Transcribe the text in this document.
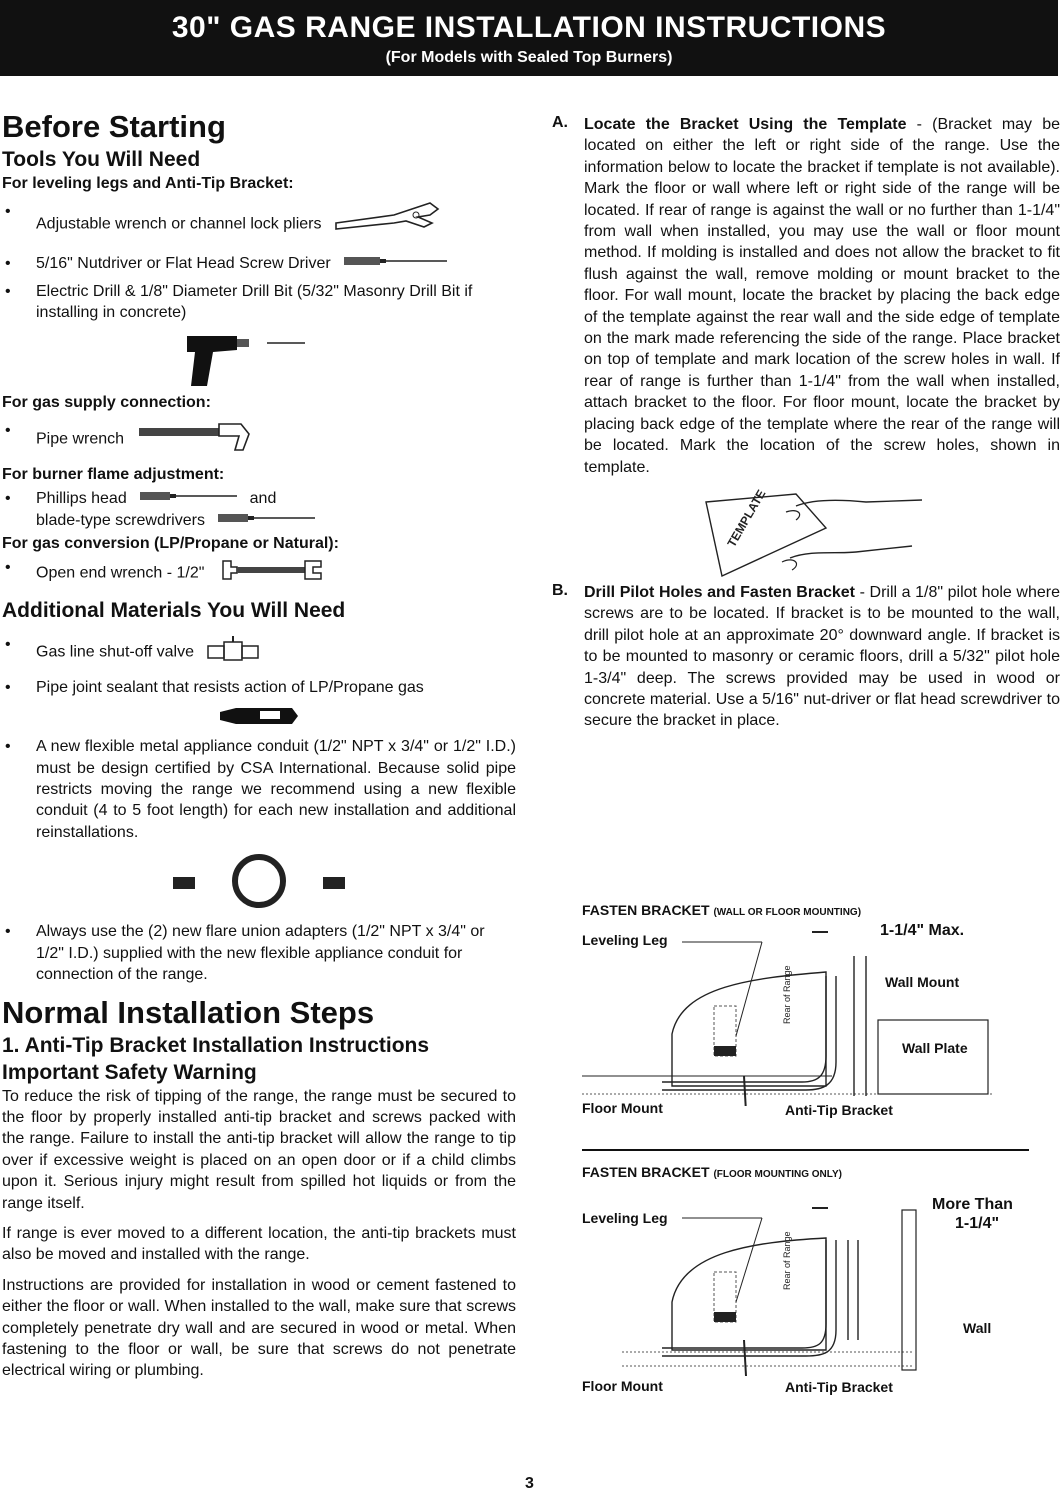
30" GAS RANGE INSTALLATION INSTRUCTIONS
(For Models with Sealed Top Burners)
Before Starting
Tools You Will Need
For leveling legs and Anti-Tip Bracket:
• Adjustable wrench or channel lock pliers
• 5/16" Nutdriver or Flat Head Screw Driver
• Electric Drill & 1/8" Diameter Drill Bit (5/32" Masonry Drill Bit if installing in concrete)
For gas supply connection:
• Pipe wrench
For burner flame adjustment:
• Phillips head	and
blade-type screwdrivers
For gas conversion (LP/Propane or Natural):
• Open end wrench - 1/2"
Additional Materials You Will Need
• Gas line shut-off valve
• Pipe joint sealant that resists action of LP/Propane gas
• A new flexible metal appliance conduit (1/2" NPT x 3/4" or 1/2" I.D.) must be design certified by CSA International. Because solid pipe restricts moving the range we recommend using a new flexible conduit (4 to 5 foot length) for each new installation and additional reinstallations.
• Always use the (2) new flare union adapters (1/2" NPT x 3/4" or 1/2" I.D.) supplied with the new flexible appliance conduit for connection of the range.
Normal Installation Steps
1. Anti-Tip Bracket Installation Instructions
Important Safety Warning

To reduce the risk of tipping of the range, the range must be secured to the floor by properly installed anti-tip bracket and screws packed with the range. Failure to install the anti-tip bracket will allow the range to tip over if excessive weight is placed on an open door or if a child climbs upon it. Serious injury might result from spilled hot liquids or from the range itself.

If range is ever moved to a different location, the anti-tip brackets must also be moved and installed with the range.

Instructions are provided for installation in wood or cement fastened to either the floor or wall. When installed to the wall, make sure that screws completely penetrate dry wall and are secured in wood or metal. When fastening to the floor or wall, be sure that screws do not penetrate electrical wiring or plumbing.

A. Locate the Bracket Using the Template - (Bracket may be located on either the left or right side of the range. Use the information below to locate the bracket if template is not available). Mark the floor or wall where left or right side of the range will be located. If rear of range is against the wall or no further than 1-1/4" from wall when installed, you may use the wall or floor mount method. If molding is installed and does not allow the bracket to fit flush against the wall, remove molding or mount bracket to the floor. For wall mount, locate the bracket by placing the back edge of the template against the rear wall and the side edge of template on the mark made referencing the side of the range. Place bracket on top of template and mark location of the screw holes in wall. If rear of range is further than 1-1/4" from the wall when installed, attach bracket to the floor. For floor mount, locate the bracket by placing back edge of the template where the rear of the range will be located. Mark the location of the screw holes, shown in template.

TEMPLATE
B. Drill Pilot Holes and Fasten Bracket - Drill a 1/8" pilot hole where screws are to be located. If bracket is to be mounted to the wall, drill pilot hole at an approximate 20° downward angle. If bracket is to be mounted to masonry or ceramic floors, drill a 5/32" pilot hole 1-3/4" deep. The screws provided may be used in wood or concrete material. Use a 5/16" nut-driver or flat head screwdriver to secure the bracket in place.

FASTEN BRACKET (WALL OR FLOOR MOUNTING)
Rear of Range
Leveling Leg
1-1/4" Max.
Wall Mount
Wall Plate
Floor Mount	Anti-Tip Bracket
FASTEN BRACKET (FLOOR MOUNTING ONLY)
Rear of Range
Leveling Leg
More Than
1-1/4"
Wall
Floor Mount	Anti-Tip Bracket
3
